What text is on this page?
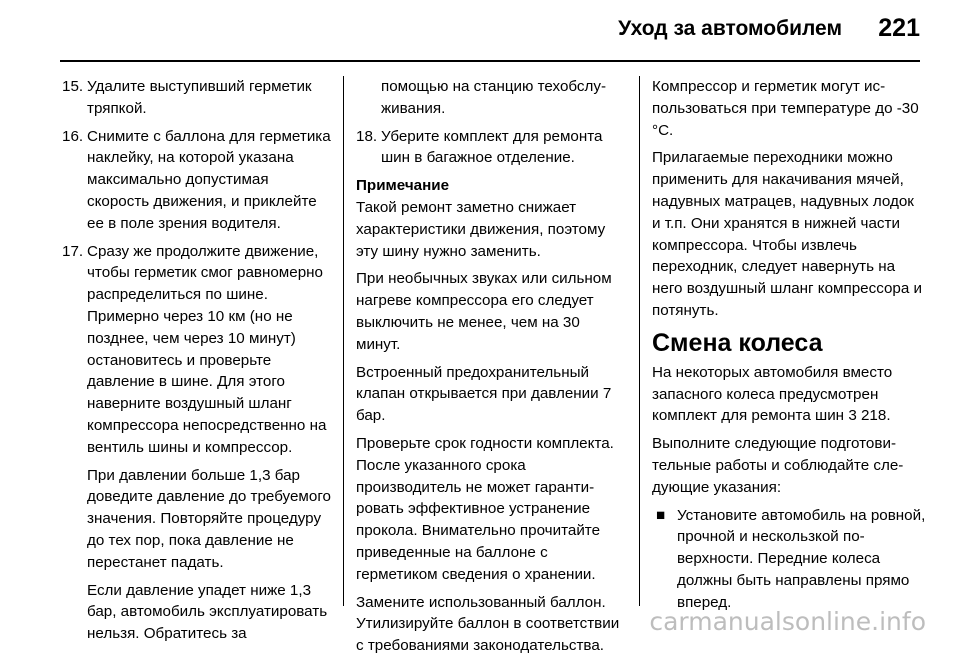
Уход за автомобилем 221
15. Удалите выступивший герметик тряпкой.
16. Снимите с баллона для герметика наклейку, на которой указана максимально допустимая скорость движения, и приклейте ее в поле зрения водителя.
17. Сразу же продолжите движение, чтобы герметик смог равномерно распределиться по шине. Примерно через 10 км (но не позднее, чем через 10 минут) остановитесь и проверьте давление в шине. Для этого наверните воздушный шланг компрессора непосредственно на вентиль шины и компрессор.
При давлении больше 1,3 бар доведите давление до требуемого значения. Повторяйте процедуру до тех пор, пока давление не перестанет падать.
Если давление упадет ниже 1,3 бар, автомобиль эксплуатировать нельзя. Обратитесь за
помощью на станцию техобслуживания.
18. Уберите комплект для ремонта шин в багажное отделение.
Примечание

Такой ремонт заметно снижает характеристики движения, поэтому эту шину нужно заменить.

При необычных звуках или сильном нагреве компрессора его следует выключить не менее, чем на 30 минут.

Встроенный предохранительный клапан открывается при давлении 7 бар.

Проверьте срок годности комплекта. После указанного срока производитель не может гарантировать эффективное устранение прокола. Внимательно прочитайте приведенные на баллоне с герметиком сведения о хранении.

Замените использованный баллон. Утилизируйте баллон в соответствии с требованиями законодательства.

Компрессор и герметик могут использоваться при температуре до -30 °C.

Прилагаемые переходники можно применить для накачивания мячей, надувных матрацев, надувных лодок и т.п. Они хранятся в нижней части компрессора. Чтобы извлечь переходник, следует навернуть на него воздушный шланг компрессора и потянуть.

Смена колеса

На некоторых автомобиля вместо запасного колеса предусмотрен комплект для ремонта шин 3 218.

Выполните следующие подготовительные работы и соблюдайте следующие указания:

■ Установите автомобиль на ровной, прочной и нескользкой поверхности. Передние колеса должны быть направлены прямо вперед.
carmanualsonline.info
